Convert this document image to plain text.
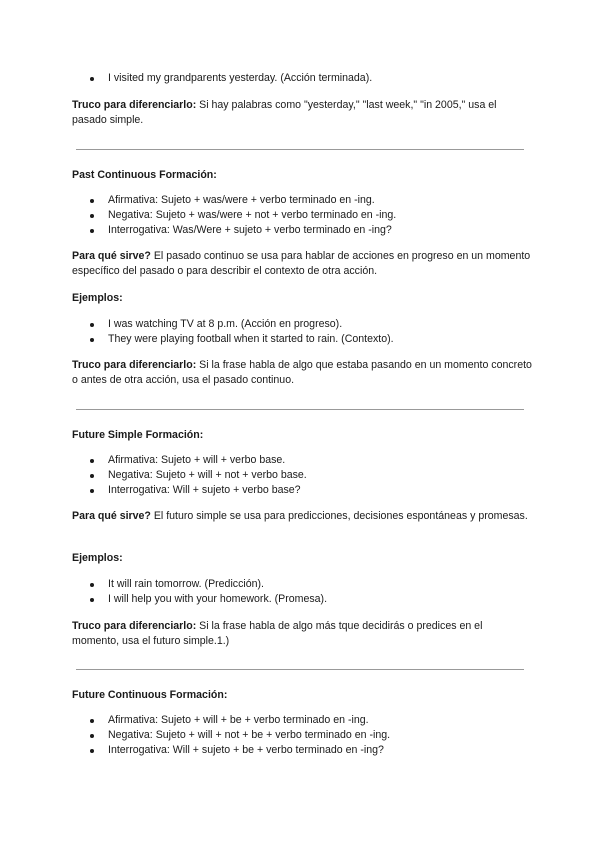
I visited my grandparents yesterday. (Acción terminada).

Truco para diferenciarlo: Si hay palabras como "yesterday," "last week," "in 2005," usa el pasado simple.

Past Continuous Formación:

Afirmativa: Sujeto + was/were + verbo terminado en -ing.
Negativa: Sujeto + was/were + not + verbo terminado en -ing.
Interrogativa: Was/Were + sujeto + verbo terminado en -ing?

Para qué sirve? El pasado continuo se usa para hablar de acciones en progreso en un momento específico del pasado o para describir el contexto de otra acción.

Ejemplos:

I was watching TV at 8 p.m. (Acción en progreso).
They were playing football when it started to rain. (Contexto).

Truco para diferenciarlo: Si la frase habla de algo que estaba pasando en un momento concreto o antes de otra acción, usa el pasado continuo.

Future Simple Formación:

Afirmativa: Sujeto + will + verbo base.
Negativa: Sujeto + will + not + verbo base.
Interrogativa: Will + sujeto + verbo base?

Para qué sirve? El futuro simple se usa para predicciones, decisiones espontáneas y promesas.

Ejemplos:

It will rain tomorrow. (Predicción).
I will help you with your homework. (Promesa).

Truco para diferenciarlo: Si la frase habla de algo más tque decidirás o predices en el momento, usa el futuro simple.1.)

Future Continuous Formación:

Afirmativa: Sujeto + will + be + verbo terminado en -ing.
Negativa: Sujeto + will + not + be + verbo terminado en -ing.
Interrogativa: Will + sujeto + be + verbo terminado en -ing?
